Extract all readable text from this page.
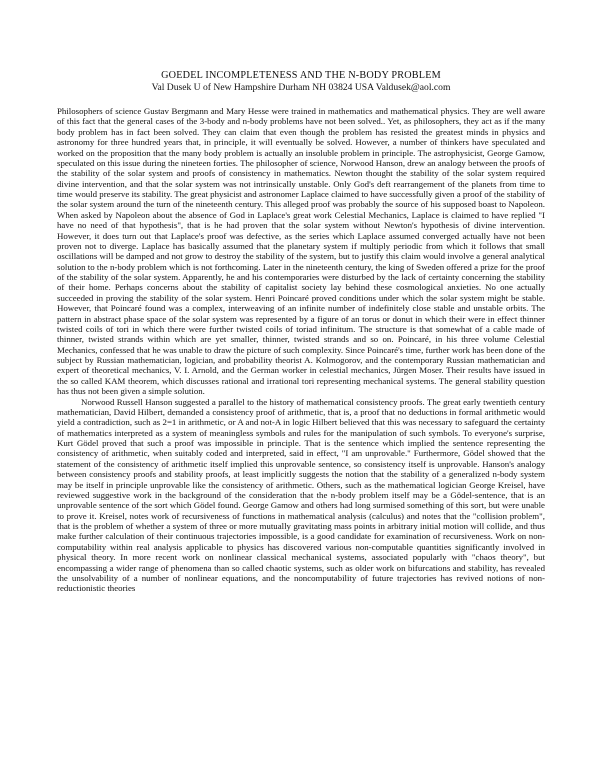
GOEDEL INCOMPLETENESS AND THE N-BODY PROBLEM
Val Dusek U of New Hampshire Durham NH 03824 USA Valdusek@aol.com

Philosophers of science Gustav Bergmann and Mary Hesse were trained in mathematics and mathematical physics. They are well aware of this fact that the general cases of the 3-body and n-body problems have not been solved.. Yet, as philosophers, they act as if the many body problem has in fact been solved. They can claim that even though the problem has resisted the greatest minds in physics and astronomy for three hundred years that, in principle, it will eventually be solved. However, a number of thinkers have speculated and worked on the proposition that the many body problem is actually an insoluble problem in principle. The astrophysicist, George Gamow, speculated on this issue during the nineteen forties. The philosopher of science, Norwood Hanson, drew an analogy between the proofs of the stability of the solar system and proofs of consistency in mathematics. Newton thought the stability of the solar system required divine intervention, and that the solar system was not intrinsically unstable. Only God's deft rearrangement of the planets from time to time would preserve its stability. The great physicist and astronomer Laplace claimed to have successfully given a proof of the stability of the solar system around the turn of the nineteenth century. This alleged proof was probably the source of his supposed boast to Napoleon. When asked by Napoleon about the absence of God in Laplace's great work Celestial Mechanics, Laplace is claimed to have replied "I have no need of that hypothesis", that is he had proven that the solar system without Newton's hypothesis of divine intervention. However, it does turn out that Laplace's proof was defective, as the series which Laplace assumed converged actually have not been proven not to diverge. Laplace has basically assumed that the planetary system if multiply periodic from which it follows that small oscillations will be damped and not grow to destroy the stability of the system, but to justify this claim would involve a general analytical solution to the n-body problem which is not forthcoming. Later in the nineteenth century, the king of Sweden offered a prize for the proof of the stability of the solar system. Apparently, he and his contemporaries were disturbed by the lack of certainty concerning the stability of their home. Perhaps concerns about the stability of capitalist society lay behind these cosmological anxieties. No one actually succeeded in proving the stability of the solar system. Henri Poincaré proved conditions under which the solar system might be stable. However, that Poincaré found was a complex, interweaving of an infinite number of indefinitely close stable and unstable orbits. The pattern in abstract phase space of the solar system was represented by a figure of an torus or donut in which their were in effect thinner twisted coils of tori in which there were further twisted coils of toriad infinitum. The structure is that somewhat of a cable made of thinner, twisted strands within which are yet smaller, thinner, twisted strands and so on. Poincaré, in his three volume Celestial Mechanics, confessed that he was unable to draw the picture of such complexity. Since Poincaré's time, further work has been done of the subject by Russian mathematician, logician, and probability theorist A. Kolmogorov, and the contemporary Russian mathematician and expert of theoretical mechanics, V. I. Arnold, and the German worker in celestial mechanics, Jürgen Moser. Their results have issued in the so called KAM theorem, which discusses rational and irrational tori representing mechanical systems. The general stability question has thus not been given a simple solution.

Norwood Russell Hanson suggested a parallel to the history of mathematical consistency proofs. The great early twentieth century mathematician, David Hilbert, demanded a consistency proof of arithmetic, that is, a proof that no deductions in formal arithmetic would yield a contradiction, such as 2=1 in arithmetic, or A and not-A in logic Hilbert believed that this was necessary to safeguard the certainty of mathematics interpreted as a system of meaningless symbols and rules for the manipulation of such symbols. To everyone's surprise, Kurt Gödel proved that such a proof was impossible in principle. That is the sentence which implied the sentence representing the consistency of arithmetic, when suitably coded and interpreted, said in effect, "I am unprovable." Furthermore, Gödel showed that the statement of the consistency of arithmetic itself implied this unprovable sentence, so consistency itself is unprovable. Hanson's analogy between consistency proofs and stability proofs, at least implicitly suggests the notion that the stability of a generalized n-body system may be itself in principle unprovable like the consistency of arithmetic. Others, such as the mathematical logician George Kreisel, have reviewed suggestive work in the background of the consideration that the n-body problem itself may be a Gödel-sentence, that is an unprovable sentence of the sort which Gödel found. George Gamow and others had long surmised something of this sort, but were unable to prove it. Kreisel, notes work of recursiveness of functions in mathematical analysis (calculus) and notes that the "collision problem", that is the problem of whether a system of three or more mutually gravitating mass points in arbitrary initial motion will collide, and thus make further calculation of their continuous trajectories impossible, is a good candidate for examination of recursiveness. Work on non-computability within real analysis applicable to physics has discovered various non-computable quantities significantly involved in physical theory. In more recent work on nonlinear classical mechanical systems, associated popularly with "chaos theory", but encompassing a wider range of phenomena than so called chaotic systems, such as older work on bifurcations and stability, has revealed the unsolvability of a number of nonlinear equations, and the noncomputability of future trajectories has revived notions of non-reductionistic theories
